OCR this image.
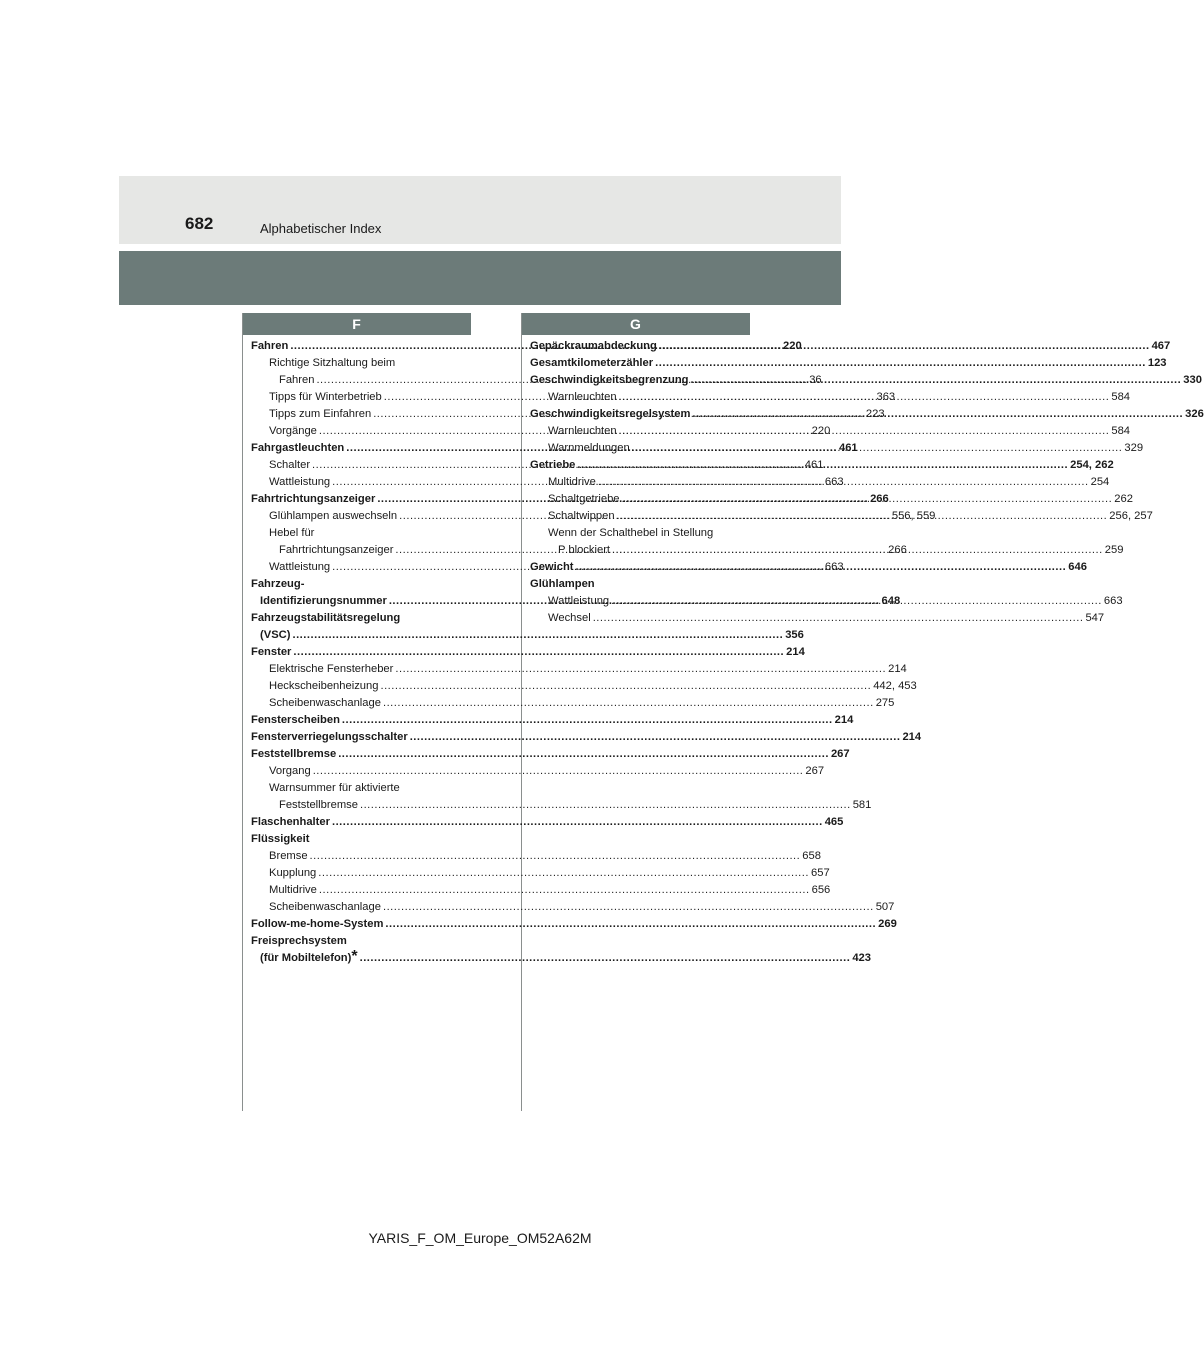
682	Alphabetischer Index
F	G
Fahren .....	220
Richtige Sitzhaltung beim
Fahren .....	36
Tipps für Winterbetrieb .....	363
Tipps zum Einfahren .....	223
Vorgänge .....	220
Fahrgastleuchten .....	461
Schalter .....	461
Wattleistung .....	663
Fahrtrichtungsanzeiger .....	266
Glühlampen auswechseln .....	556, 559
Hebel für
Fahrtrichtungsanzeiger .....	266
Wattleistung .....	663
Fahrzeug-
Identifizierungsnummer .....	648
Fahrzeugstabilitätsregelung
(VSC) .....	356
Fenster .....	214
Elektrische Fensterheber .....	214
Heckscheibenheizung .....	442, 453
Scheibenwaschanlage .....	275
Fensterscheiben .....	214
Fensterverriegelungsschalter .....	214
Feststellbremse .....	267
Vorgang .....	267
Warnsummer für aktivierte
Feststellbremse .....	581
Flaschenhalter .....	465
Flüssigkeit
Bremse .....	658
Kupplung .....	657
Multidrive .....	656
Scheibenwaschanlage .....	507
Follow-me-home-System .....	269
Freisprechsystem
(für Mobiltelefon) * .....	423
Gepäckraumabdeckung .....	467
Gesamtkilometerzähler .....	123
Geschwindigkeitsbegrenzung .....	330
Warnleuchten .....	584
Geschwindigkeitsregelsystem .....	326
Warnleuchten .....	584
Warnmeldungen .....	329
Getriebe .....	254, 262
Multidrive .....	254
Schaltgetriebe .....	262
Schaltwippen .....	256, 257
Wenn der Schalthebel in Stellung
P blockiert .....	259
Gewicht .....	646
Glühlampen
Wattleistung .....	663
Wechsel .....	547
YARIS_F_OM_Europe_OM52A62M
